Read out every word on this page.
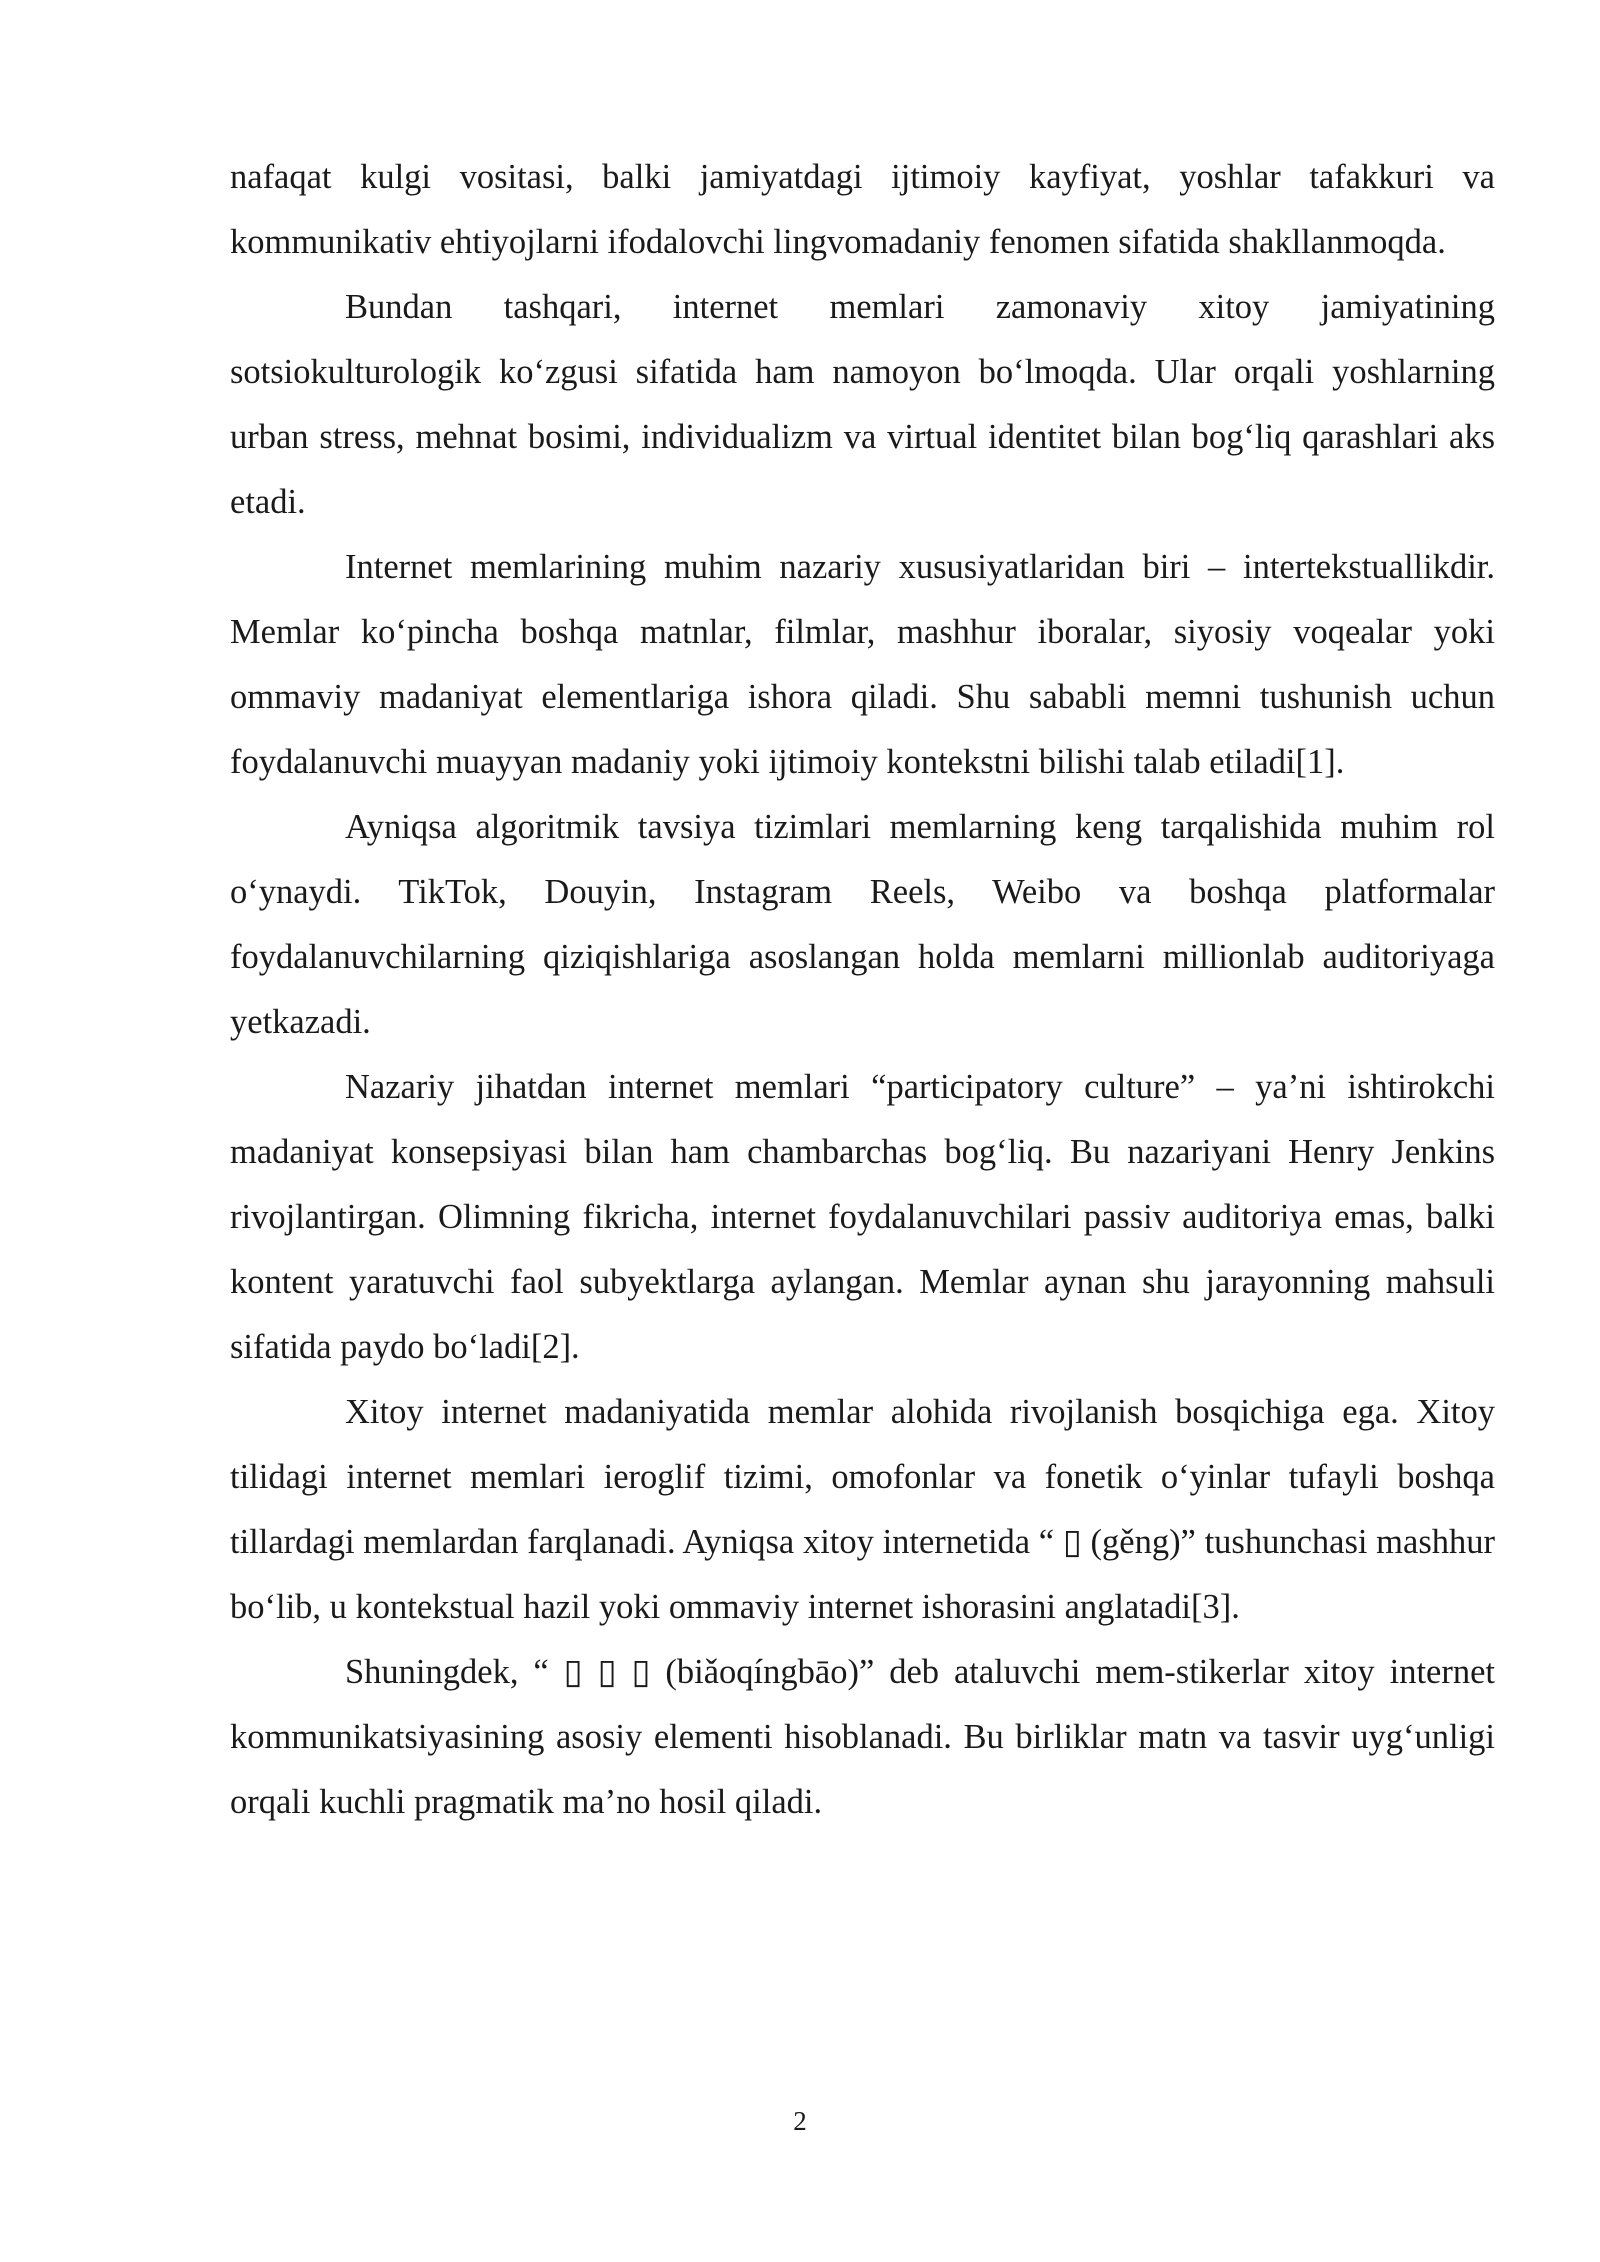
nafaqat kulgi vositasi, balki jamiyatdagi ijtimoiy kayfiyat, yoshlar tafakkuri va kommunikativ ehtiyojlarni ifodalovchi lingvomadaniy fenomen sifatida shakllanmoqda.

Bundan tashqari, internet memlari zamonaviy xitoy jamiyatining sotsiokulturologik ko‘zgusi sifatida ham namoyon bo‘lmoqda. Ular orqali yoshlarning urban stress, mehnat bosimi, individualizm va virtual identitet bilan bog‘liq qarashlari aks etadi.

Internet memlarining muhim nazariy xususiyatlaridan biri – intertekstuallikdir. Memlar ko‘pincha boshqa matnlar, filmlar, mashhur iboralar, siyosiy voqealar yoki ommaviy madaniyat elementlariga ishora qiladi. Shu sababli memni tushunish uchun foydalanuvchi muayyan madaniy yoki ijtimoiy kontekstni bilishi talab etiladi[1].

Ayniqsa algoritmik tavsiya tizimlari memlarning keng tarqalishida muhim rol o‘ynaydi. TikTok, Douyin, Instagram Reels, Weibo va boshqa platformalar foydalanuvchilarning qiziqishlariga asoslangan holda memlarni millionlab auditoriyaga yetkazadi.

Nazariy jihatdan internet memlari “participatory culture” – ya’ni ishtirokchi madaniyat konsepsiyasi bilan ham chambarchas bog‘liq. Bu nazariyani Henry Jenkins rivojlantirgan. Olimning fikricha, internet foydalanuvchilari passiv auditoriya emas, balki kontent yaratuvchi faol subyektlarga aylangan. Memlar aynan shu jarayonning mahsuli sifatida paydo bo‘ladi[2].

Xitoy internet madaniyatida memlar alohida rivojlanish bosqichiga ega. Xitoy tilidagi internet memlari ieroglif tizimi, omofonlar va fonetik o‘yinlar tufayli boshqa tillardagi memlardan farqlanadi. Ayniqsa xitoy internetida “ ▯ (gěng)” tushunchasi mashhur bo‘lib, u kontekstual hazil yoki ommaviy internet ishorasini anglatadi[3].

Shuningdek, “ ▯ ▯ ▯ (biǎoqíngbāo)” deb ataluvchi mem-stikerlar xitoy internet kommunikatsiyasining asosiy elementi hisoblanadi. Bu birliklar matn va tasvir uyg‘unligi orqali kuchli pragmatik ma’no hosil qiladi.

2
